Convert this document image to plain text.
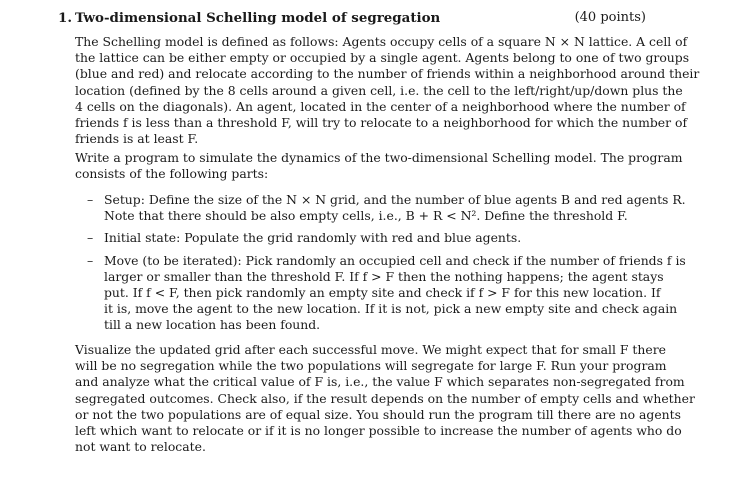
1. Two-dimensional Schelling model of segregation	(40 points)
The Schelling model is defined as follows: Agents occupy cells of a square N × N lattice. A cell of
the lattice can be either empty or occupied by a single agent. Agents belong to one of two groups
(blue and red) and relocate according to the number of friends within a neighborhood around their
location (defined by the 8 cells around a given cell, i.e. the cell to the left/right/up/down plus the
4 cells on the diagonals). An agent, located in the center of a neighborhood where the number of
friends f is less than a threshold F, will try to relocate to a neighborhood for which the number of
friends is at least F.
Write a program to simulate the dynamics of the two-dimensional Schelling model. The program
consists of the following parts:
– Setup: Define the size of the N × N grid, and the number of blue agents B and red agents R.
Note that there should be also empty cells, i.e., B + R < N². Define the threshold F.
– Initial state: Populate the grid randomly with red and blue agents.
– Move (to be iterated): Pick randomly an occupied cell and check if the number of friends f is
larger or smaller than the threshold F. If f > F then the nothing happens; the agent stays
put. If f < F, then pick randomly an empty site and check if f > F for this new location. If
it is, move the agent to the new location. If it is not, pick a new empty site and check again
till a new location has been found.
Visualize the updated grid after each successful move. We might expect that for small F there
will be no segregation while the two populations will segregate for large F. Run your program
and analyze what the critical value of F is, i.e., the value F which separates non-segregated from
segregated outcomes. Check also, if the result depends on the number of empty cells and whether
or not the two populations are of equal size. You should run the program till there are no agents
left which want to relocate or if it is no longer possible to increase the number of agents who do
not want to relocate.
